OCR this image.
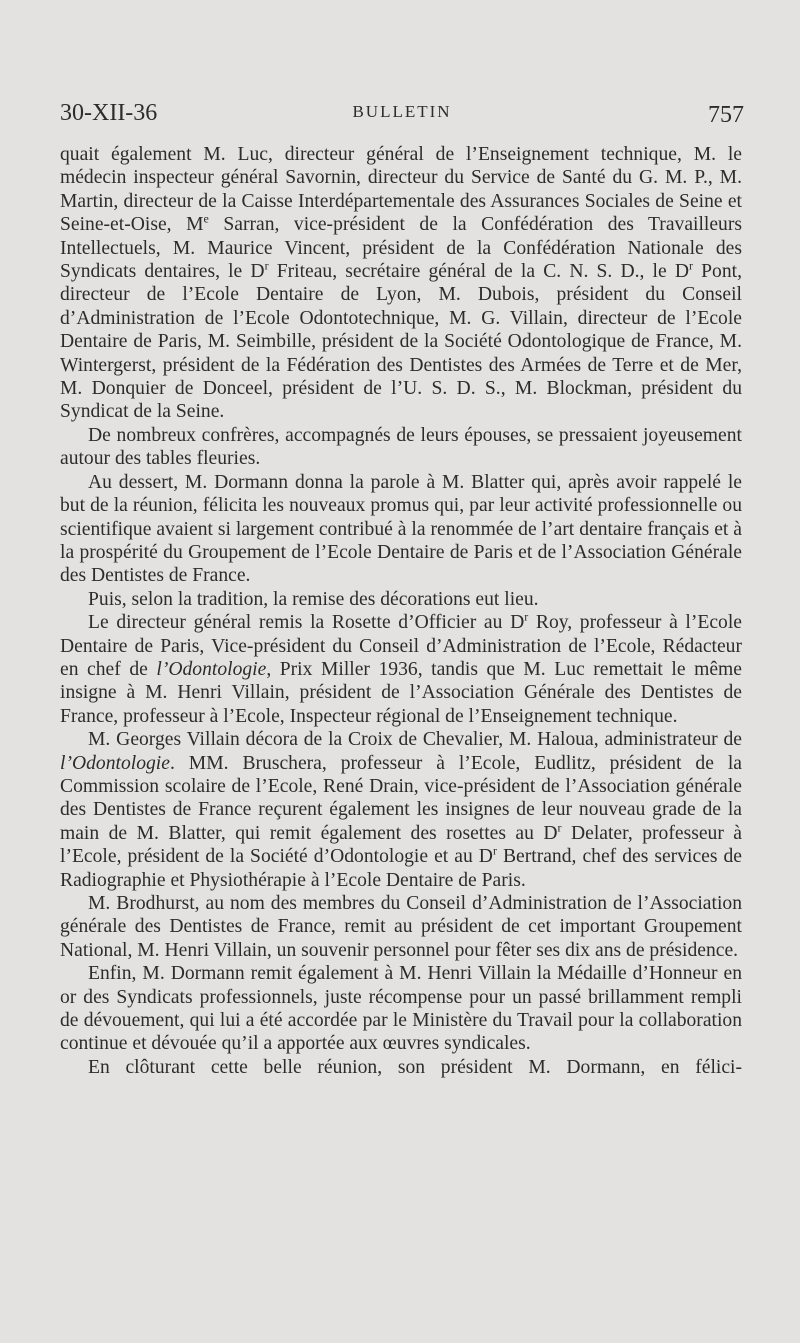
30-XII-36	BULLETIN	757

quait également M. Luc, directeur général de l’Enseignement technique, M. le médecin inspecteur général Savornin, directeur du Service de Santé du G. M. P., M. Martin, directeur de la Caisse Interdépartementale des Assurances Sociales de Seine et Seine-et-Oise, Me Sarran, vice-président de la Confédération des Travailleurs Intellectuels, M. Maurice Vincent, président de la Confédération Nationale des Syndicats dentaires, le $D^r$ Friteau, secrétaire général de la C. N. S. D., le $D^r$ Pont, directeur de l’Ecole Dentaire de Lyon, M. Dubois, président du Conseil d’Administration de l’Ecole Odontotechnique, M. G. Villain, directeur de l’Ecole Dentaire de Paris, M. Seimbille, président de la Société Odontologique de France, M. Wintergerst, président de la Fédération des Dentistes des Armées de Terre et de Mer, M. Donquier de Donceel, président de l’U. S. D. S., M. Blockman, président du Syndicat de la Seine.

De nombreux confrères, accompagnés de leurs épouses, se pressaient joyeusement autour des tables fleuries.

Au dessert, M. Dormann donna la parole à M. Blatter qui, après avoir rappelé le but de la réunion, félicita les nouveaux promus qui, par leur activité professionnelle ou scientifique avaient si largement contribué à la renommée de l’art dentaire français et à la prospérité du Groupement de l’Ecole Dentaire de Paris et de l’Association Générale des Dentistes de France.

Puis, selon la tradition, la remise des décorations eut lieu.

Le directeur général remis la Rosette d’Officier au $D^r$ Roy, professeur à l’Ecole Dentaire de Paris, Vice-président du Conseil d’Administration de l’Ecole, Rédacteur en chef de l’Odontologie, Prix Miller 1936, tandis que M. Luc remettait le même insigne à M. Henri Villain, président de l’Association Générale des Dentistes de France, professeur à l’Ecole, Inspecteur régional de l’Enseignement technique.

M. Georges Villain décora de la Croix de Chevalier, M. Haloua, administrateur de l’Odontologie. MM. Bruschera, professeur à l’Ecole, Eudlitz, président de la Commission scolaire de l’Ecole, René Drain, vice-président de l’Association générale des Dentistes de France reçurent également les insignes de leur nouveau grade de la main de M. Blatter, qui remit également des rosettes au $D^r$ Delater, professeur à l’Ecole, président de la Société d’Odontologie et au $D^r$ Bertrand, chef des services de Radiographie et Physiothérapie à l’Ecole Dentaire de Paris.

M. Brodhurst, au nom des membres du Conseil d’Administration de l’Association générale des Dentistes de France, remit au président de cet important Groupement National, M. Henri Villain, un souvenir personnel pour fêter ses dix ans de présidence.

Enfin, M. Dormann remit également à M. Henri Villain la Médaille d’Honneur en or des Syndicats professionnels, juste récompense pour un passé brillamment rempli de dévouement, qui lui a été accordée par le Ministère du Travail pour la collaboration continue et dévouée qu’il a apportée aux œuvres syndicales.

En clôturant cette belle réunion, son président M. Dormann, en félici-
